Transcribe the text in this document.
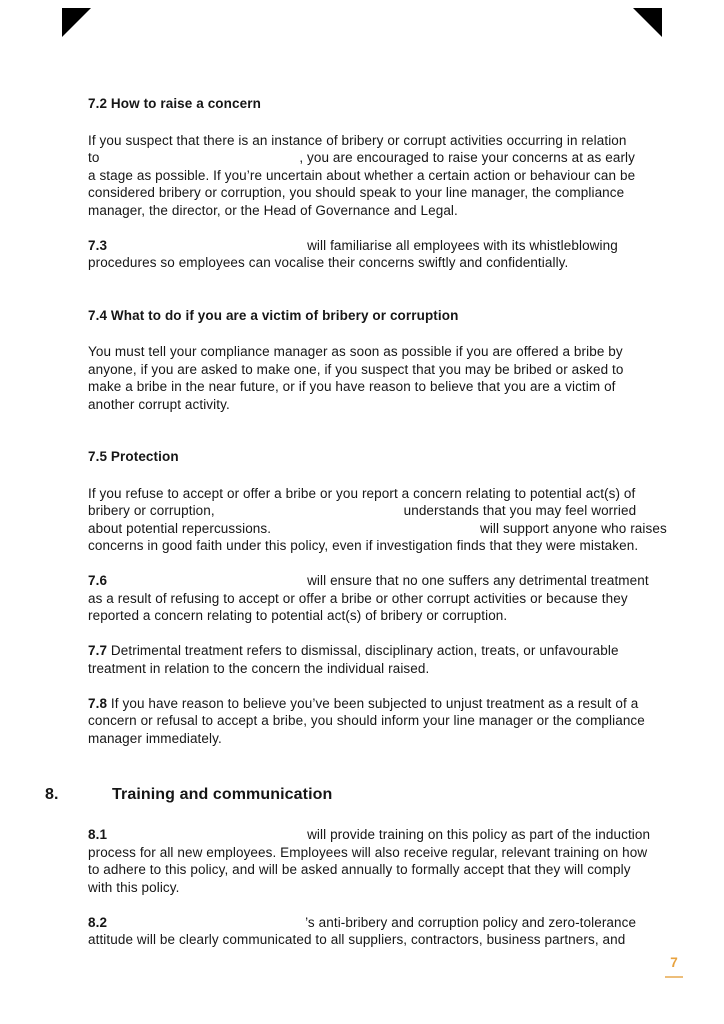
7.2 How to raise a concern
If you suspect that there is an instance of bribery or corrupt activities occurring in relation
to	, you are encouraged to raise your concerns at as early
a stage as possible. If you’re uncertain about whether a certain action or behaviour can be
considered bribery or corruption, you should speak to your line manager, the compliance
manager, the director, or the Head of Governance and Legal.
7.3	will familiarise all employees with its whistleblowing
procedures so employees can vocalise their concerns swiftly and confidentially.
7.4 What to do if you are a victim of bribery or corruption
You must tell your compliance manager as soon as possible if you are offered a bribe by
anyone, if you are asked to make one, if you suspect that you may be bribed or asked to
make a bribe in the near future, or if you have reason to believe that you are a victim of
another corrupt activity.
7.5 Protection
If you refuse to accept or offer a bribe or you report a concern relating to potential act(s) of
bribery or corruption,	understands that you may feel worried
about potential repercussions.	will support anyone who raises
concerns in good faith under this policy, even if investigation finds that they were mistaken.
7.6	will ensure that no one suffers any detrimental treatment
as a result of refusing to accept or offer a bribe or other corrupt activities or because they
reported a concern relating to potential act(s) of bribery or corruption.
7.7 Detrimental treatment refers to dismissal, disciplinary action, treats, or unfavourable
treatment in relation to the concern the individual raised.
7.8 If you have reason to believe you’ve been subjected to unjust treatment as a result of a
concern or refusal to accept a bribe, you should inform your line manager or the compliance
manager immediately.
8.	Training and communication
8.1	will provide training on this policy as part of the induction
process for all new employees. Employees will also receive regular, relevant training on how
to adhere to this policy, and will be asked annually to formally accept that they will comply
with this policy.
8.2	’s anti-bribery and corruption policy and zero-tolerance
attitude will be clearly communicated to all suppliers, contractors, business partners, and
7
